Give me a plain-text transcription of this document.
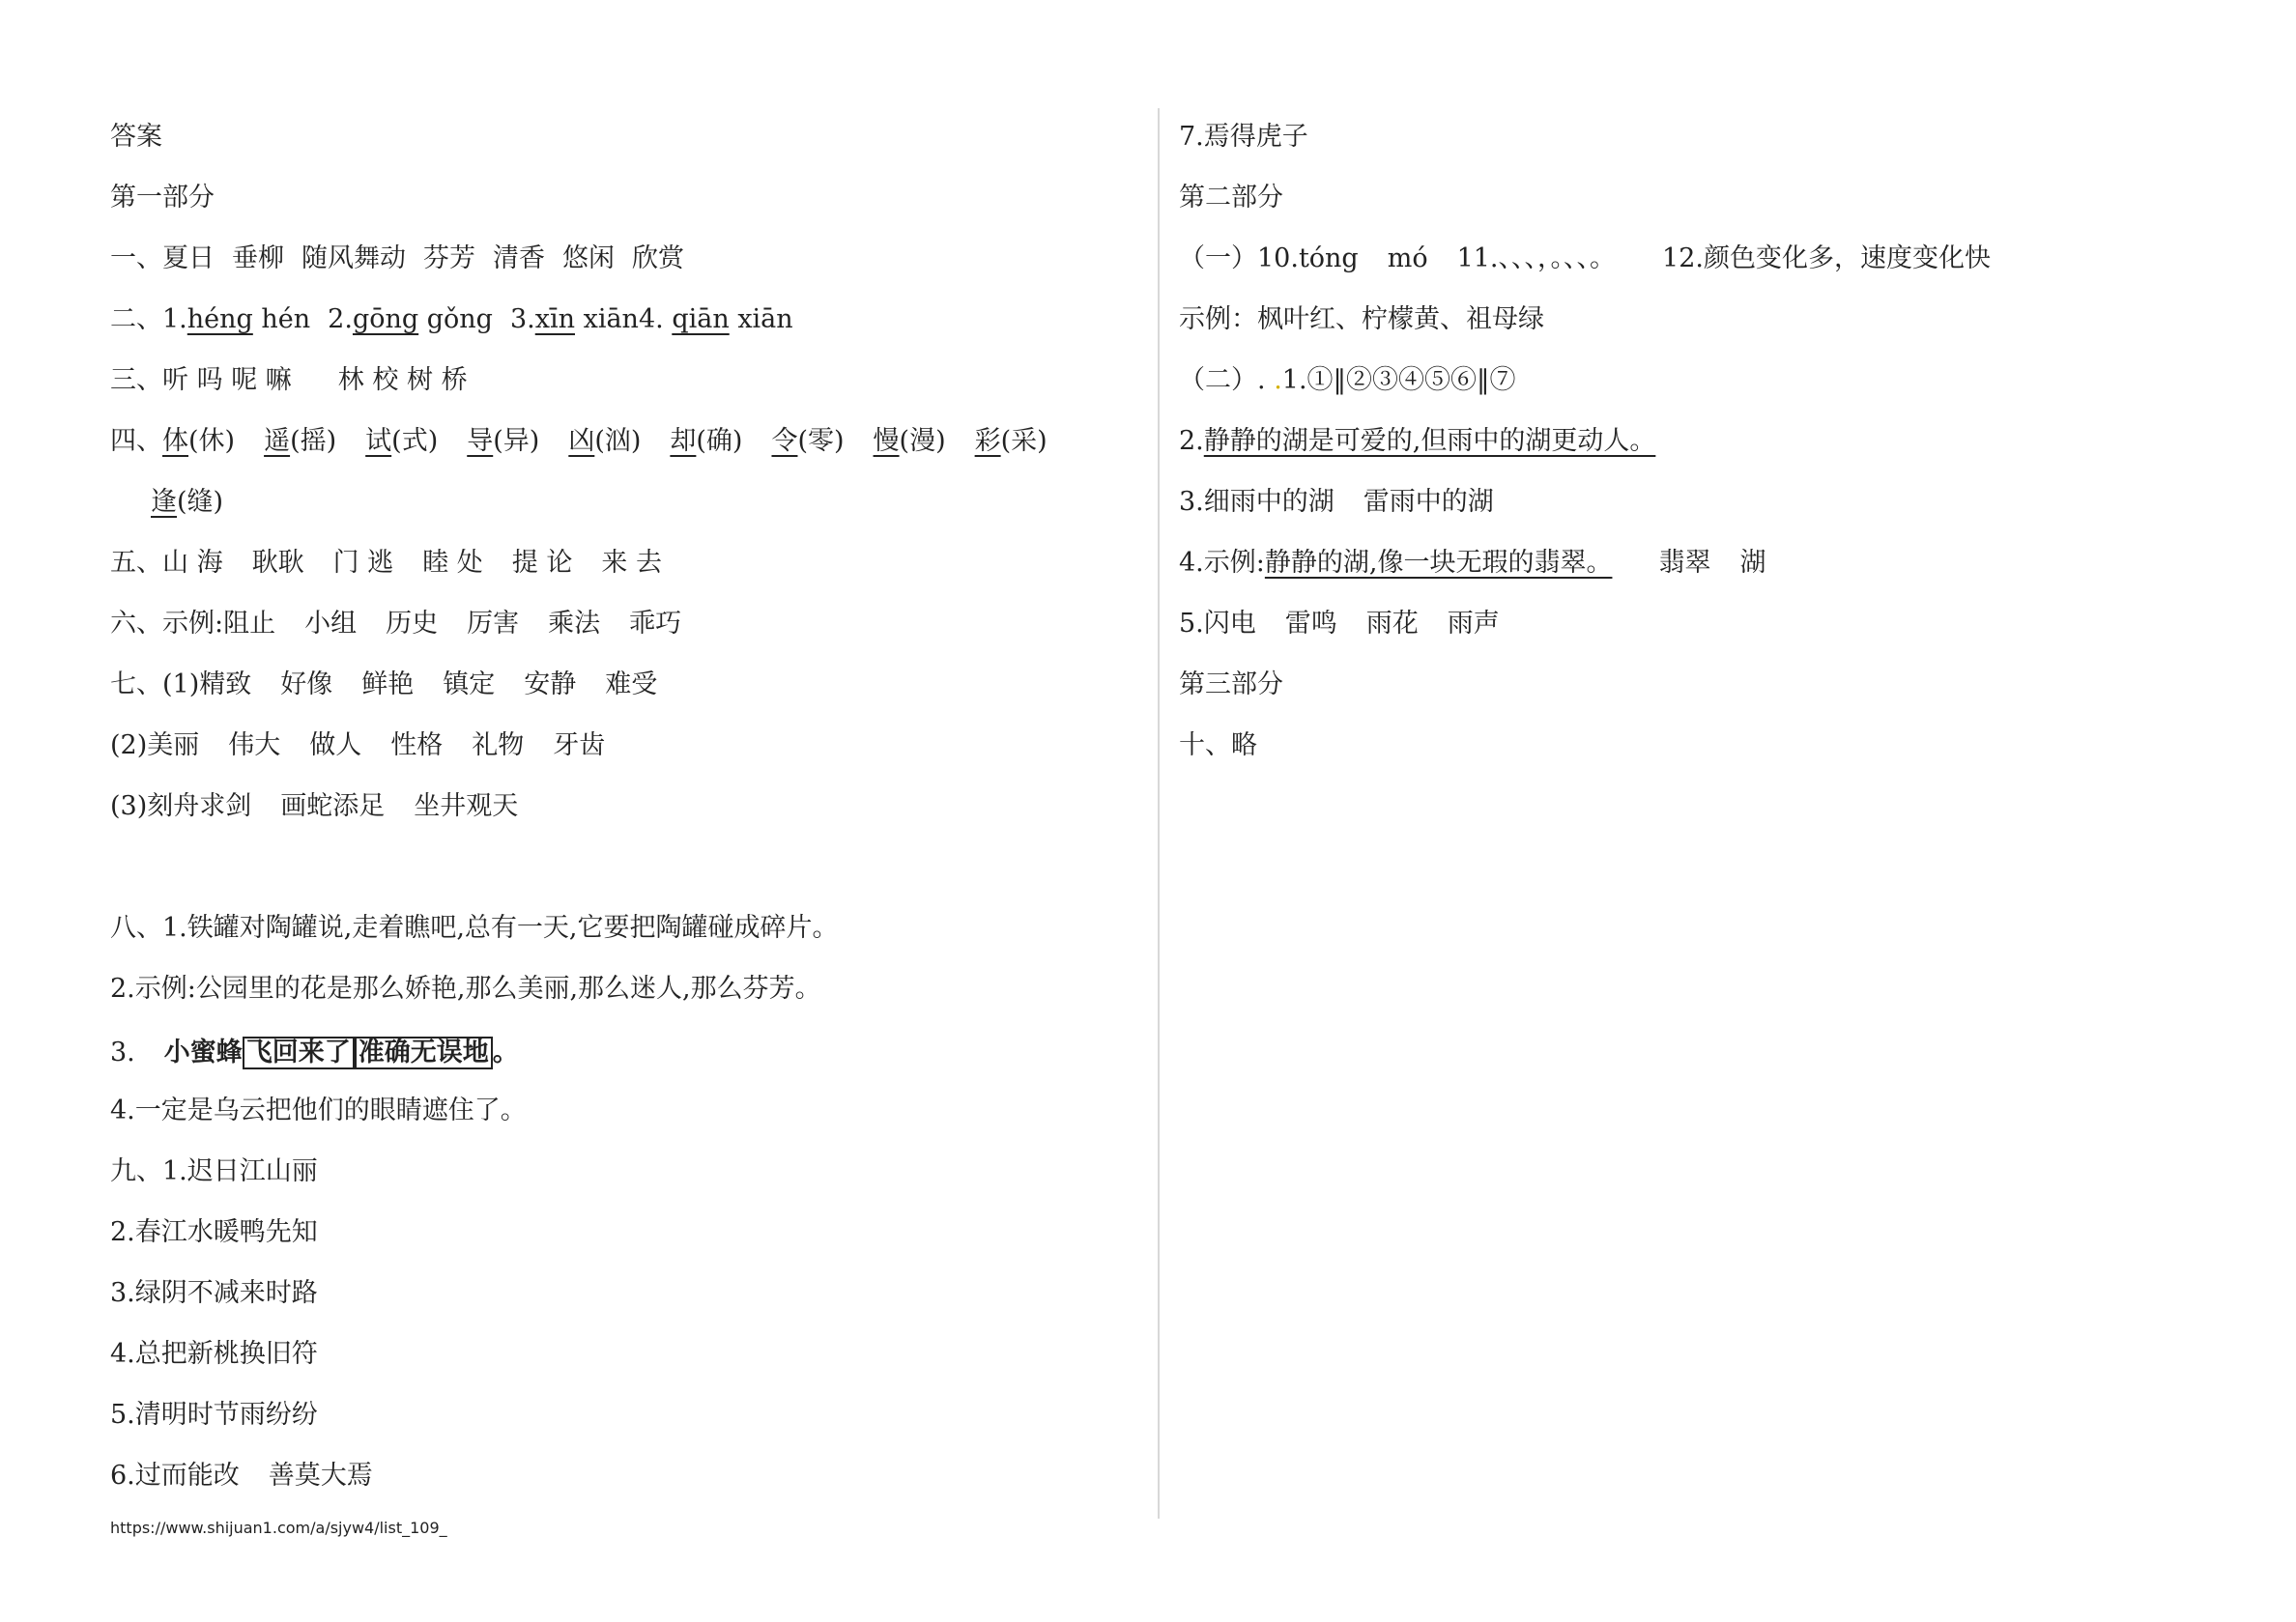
答案
第一部分
一、夏日 垂柳 随风舞动 芬芳 清香 悠闲 欣赏
二、1.héng hén 2.gōng gǒng 3.xīn xiān4. qiān xiān
三、听 吗 呢 嘛 林 校 树 桥
四、体(休) 遥(摇) 试(式) 导(异) 凶(汹) 却(确) 令(零) 慢(漫) 彩(采)
逢(缝)
五、山 海 耿耿 门 逃 睦 处 提 论 来 去
六、示例:阻止 小组 历史 厉害 乘法 乖巧
七、(1)精致 好像 鲜艳 镇定 安静 难受
(2)美丽 伟大 做人 性格 礼物 牙齿
(3)刻舟求剑 画蛇添足 坐井观天
八、1.铁罐对陶罐说,走着瞧吧,总有一天,它要把陶罐碰成碎片。
2.示例:公园里的花是那么娇艳,那么美丽,那么迷人,那么芬芳。
3. 小蜜蜂 飞回来了 准确无误地 。
4.一定是乌云把他们的眼睛遮住了。
九、1.迟日江山丽
2.春江水暖鸭先知
3.绿阴不减来时路
4.总把新桃换旧符
5.清明时节雨纷纷
6.过而能改 善莫大焉
7.焉得虎子
第二部分
（一）10.tóng mó 11.、、、，。、、。 12.颜色变化多，速度变化快
示例：枫叶红、柠檬黄、祖母绿
（二）. .1.①‖②③④⑤⑥‖⑦
2.静静的湖是可爱的,但雨中的湖更动人。
3.细雨中的湖 雷雨中的湖
4.示例:静静的湖,像一块无瑕的翡翠。 翡翠 湖
5.闪电 雷鸣 雨花 雨声
第三部分
十、略
https://www.shijuan1.com/a/sjyw4/list_109_
